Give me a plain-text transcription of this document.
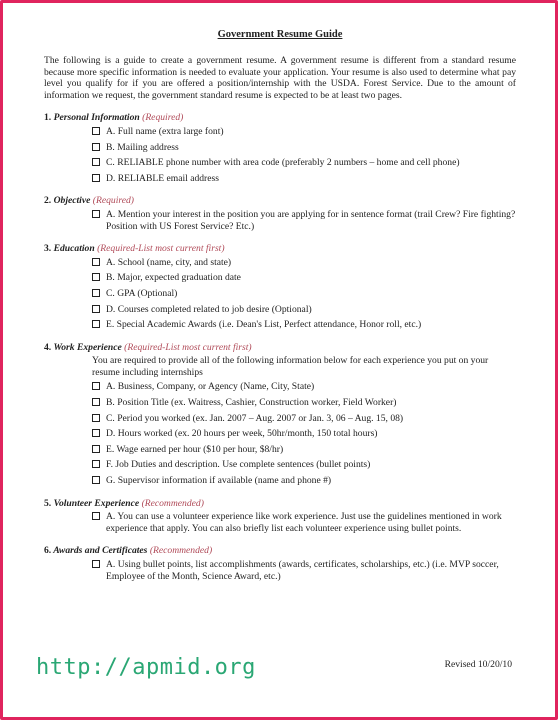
Government Resume Guide
The following is a guide to create a government resume. A government resume is different from a standard resume because more specific information is needed to evaluate your application. Your resume is also used to determine what pay level you qualify for if you are offered a position/internship with the USDA. Forest Service. Due to the amount of information we request, the government standard resume is expected to be at least two pages.
1. Personal Information (Required)
A. Full name (extra large font)
B. Mailing address
C. RELIABLE phone number with area code (preferably 2 numbers – home and cell phone)
D. RELIABLE email address
2. Objective (Required)
A. Mention your interest in the position you are applying for in sentence format (trail Crew? Fire fighting? Position with US Forest Service? Etc.)
3. Education (Required-List most current first)
A. School (name, city, and state)
B. Major, expected graduation date
C. GPA (Optional)
D. Courses completed related to job desire (Optional)
E. Special Academic Awards (i.e. Dean's List, Perfect attendance, Honor roll, etc.)
4. Work Experience (Required-List most current first)
You are required to provide all of the following information below for each experience you put on your resume including internships
A. Business, Company, or Agency (Name, City, State)
B. Position Title (ex. Waitress, Cashier, Construction worker, Field Worker)
C. Period you worked (ex. Jan. 2007 – Aug. 2007 or Jan. 3, 06 – Aug. 15, 08)
D. Hours worked (ex. 20 hours per week, 50hr/month, 150 total hours)
E. Wage earned per hour ($10 per hour, $8/hr)
F. Job Duties and description. Use complete sentences (bullet points)
G. Supervisor information if available (name and phone #)
5. Volunteer Experience (Recommended)
A. You can use a volunteer experience like work experience. Just use the guidelines mentioned in work experience that apply. You can also briefly list each volunteer experience using bullet points.
6. Awards and Certificates (Recommended)
A. Using bullet points, list accomplishments (awards, certificates, scholarships, etc.) (i.e. MVP soccer, Employee of the Month, Science Award, etc.)
Revised 10/20/10
http://apmid.org
